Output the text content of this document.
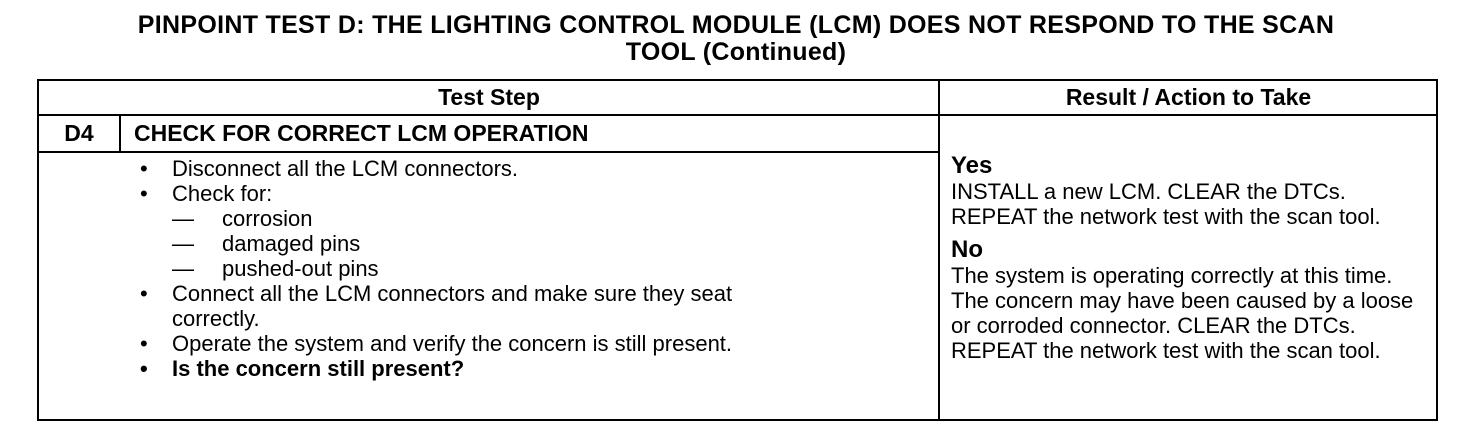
PINPOINT TEST D: THE LIGHTING CONTROL MODULE (LCM) DOES NOT RESPOND TO THE SCAN
TOOL (Continued)
Test Step	Result / Action to Take
D4	CHECK FOR CORRECT LCM OPERATION
• Disconnect all the LCM connectors.
• Check for:
— corrosion
— damaged pins
— pushed-out pins
• Connect all the LCM connectors and make sure they seat
correctly.
• Operate the system and verify the concern is still present.
• Is the concern still present?
Yes
INSTALL a new LCM. CLEAR the DTCs. REPEAT the network test with the scan tool.
No
The system is operating correctly at this time. The concern may have been caused by a loose or corroded connector. CLEAR the DTCs. REPEAT the network test with the scan tool.
